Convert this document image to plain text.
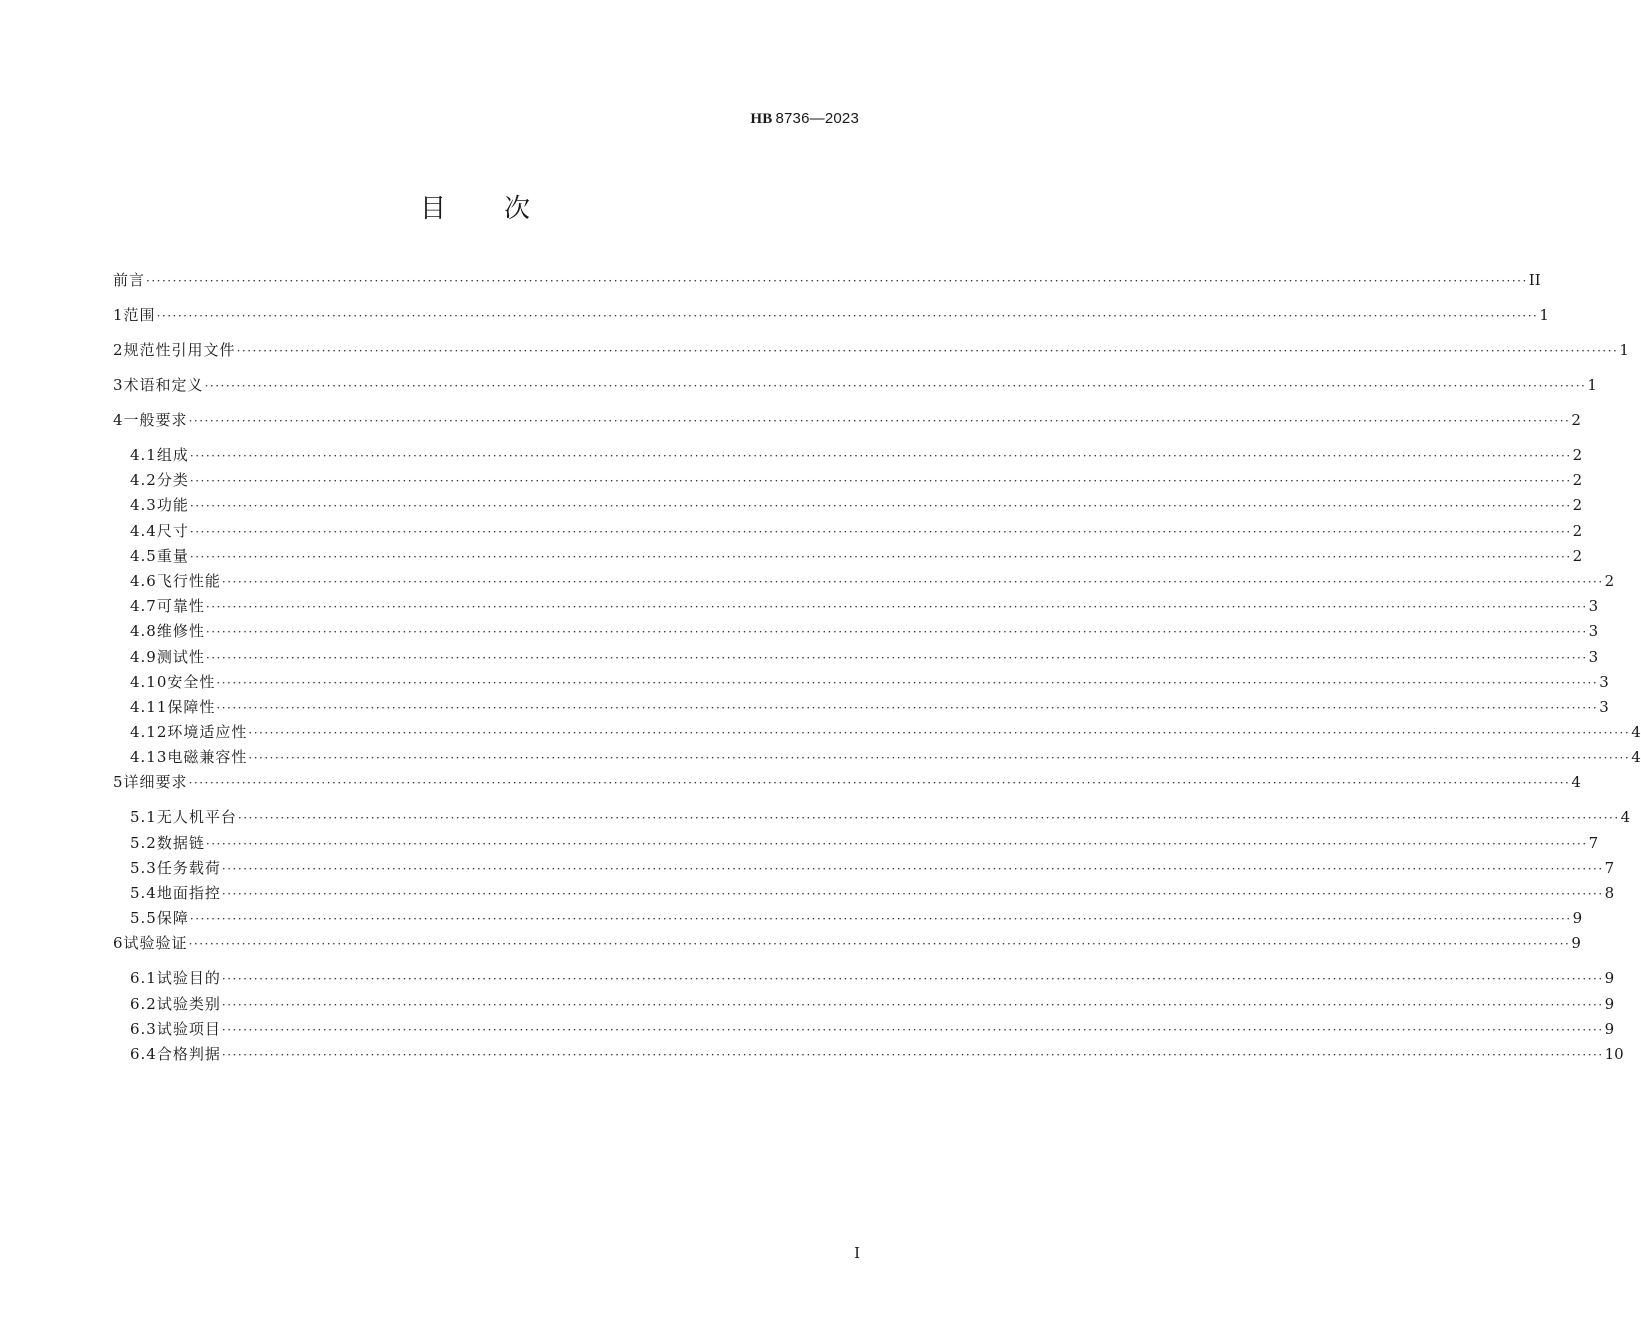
HB 8736—2023
目次
前言 ···································································································································································································································································· II
1 范围 ···································································································································································································································································· 1
2 规范性引用文件 ···································································································································································································································································· 1
3 术语和定义 ···································································································································································································································································· 1
4 一般要求 ···································································································································································································································································· 2
4.1 组成 ···································································································································································································································································· 2
4.2 分类 ···································································································································································································································································· 2
4.3 功能 ···································································································································································································································································· 2
4.4 尺寸 ···································································································································································································································································· 2
4.5 重量 ···································································································································································································································································· 2
4.6 飞行性能 ···································································································································································································································································· 2
4.7 可靠性 ···································································································································································································································································· 3
4.8 维修性 ···································································································································································································································································· 3
4.9 测试性 ···································································································································································································································································· 3
4.10 安全性 ···································································································································································································································································· 3
4.11 保障性 ···································································································································································································································································· 3
4.12 环境适应性 ···································································································································································································································································· 4
4.13 电磁兼容性 ···································································································································································································································································· 4
5 详细要求 ···································································································································································································································································· 4
5.1 无人机平台 ···································································································································································································································································· 4
5.2 数据链 ···································································································································································································································································· 7
5.3 任务载荷 ···································································································································································································································································· 7
5.4 地面指控 ···································································································································································································································································· 8
5.5 保障 ···································································································································································································································································· 9
6 试验验证 ···································································································································································································································································· 9
6.1 试验目的 ···································································································································································································································································· 9
6.2 试验类别 ···································································································································································································································································· 9
6.3 试验项目 ···································································································································································································································································· 9
6.4 合格判据 ···································································································································································································································································· 10
I
